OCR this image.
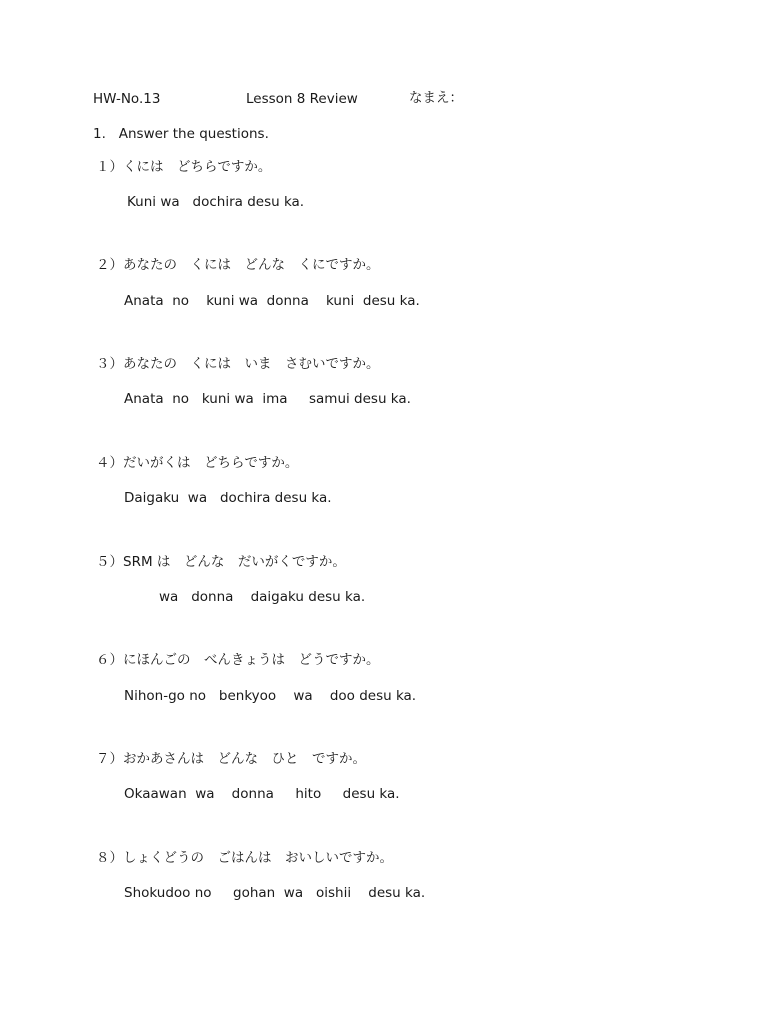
HW-No.13	Lesson 8 Review	なまえ：
1.   Answer the questions.
１）くには　どちらですか。
Kuni wa   dochira desu ka.
２）あなたの　くには　どんな　くにですか。
Anata  no    kuni wa  donna    kuni  desu ka.
３）あなたの　くには　いま　さむいですか。
Anata  no   kuni wa  ima     samui desu ka.
４）だいがくは　どちらですか。
Daigaku  wa   dochira desu ka.
５）SRM は　どんな　だいがくですか。
wa   donna    daigaku desu ka.
６）にほんごの　べんきょうは　どうですか。
Nihon-go no   benkyoo    wa    doo desu ka.
７）おかあさんは　どんな　ひと　ですか。
Okaawan  wa    donna     hito     desu ka.
８）しょくどうの　ごはんは　おいしいですか。
Shokudoo no     gohan  wa   oishii    desu ka.
